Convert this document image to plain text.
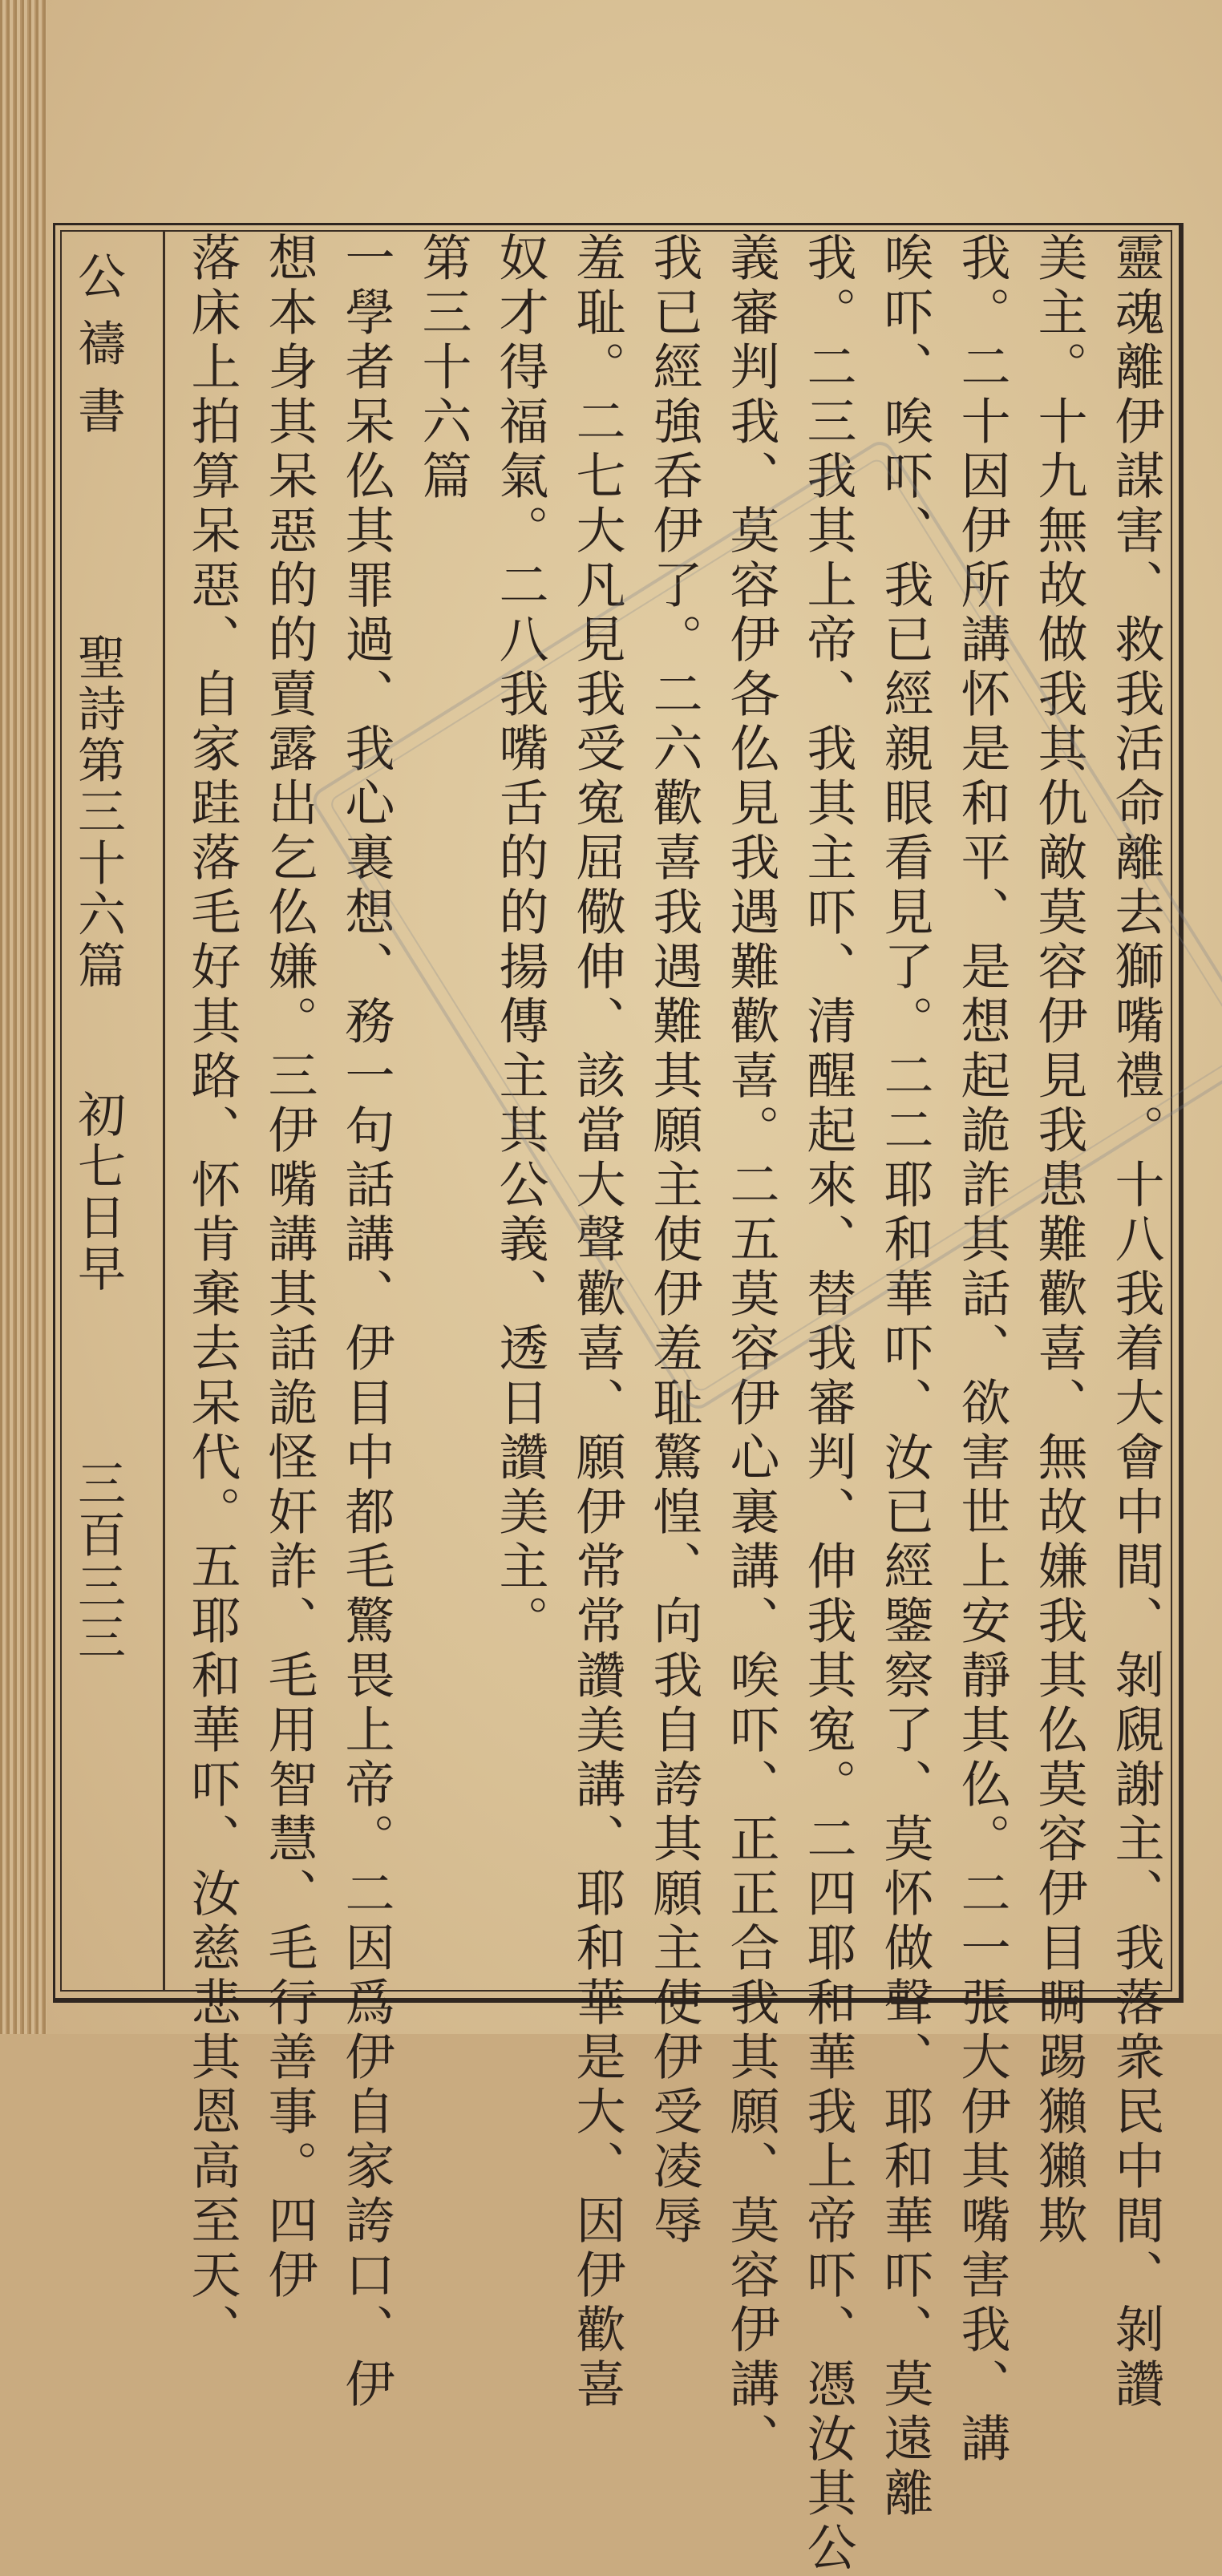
靈魂離伊謀害、救我活命離去獅嘴禮。十八我着大會中間、剝覛謝主、我落衆民中間、剝讚
美主。十九無故做我其仇敵莫容伊見我患難歡喜、無故嫌我其仫莫容伊目睭踢獺獺欺
我。二十因伊所講怀是和平、是想起詭詐其話、欲害世上安靜其仫。二一張大伊其嘴害我、講
唉吓、唉吓、我已經親眼看見了。二二耶和華吓、汝已經鑒察了、莫怀做聲、耶和華吓、莫遠離
我。二三我其上帝、我其主吓、清醒起來、替我審判、伸我其寃。二四耶和華我上帝吓、憑汝其公
義審判我、莫容伊各仫見我遇難歡喜。二五莫容伊心裏講、唉吓、正正合我其願、莫容伊講、
我已經強呑伊了。二六歡喜我遇難其願主使伊羞耻驚惶、向我自誇其願主使伊受凌辱
羞耻。二七大凡見我受寃屈儆伸、該當大聲歡喜、願伊常常讚美講、耶和華是大、因伊歡喜
奴才得福氣。二八我嘴舌的的揚傳主其公義、透日讚美主。
第三十六篇
一學者呆仫其罪過、我心裏想、務一句話講、伊目中都毛驚畏上帝。二因爲伊自家誇口、伊
想本身其呆惡的的賣露出乞仫嫌。三伊嘴講其話詭怪奸詐、毛用智慧、毛行善事。四伊
落床上拍算呆惡、自家跬落毛好其路、怀肯棄去呆代。五耶和華吓、汝慈悲其恩高至天、
公禱書
聖詩第三十六篇
初七日早
三百三三
